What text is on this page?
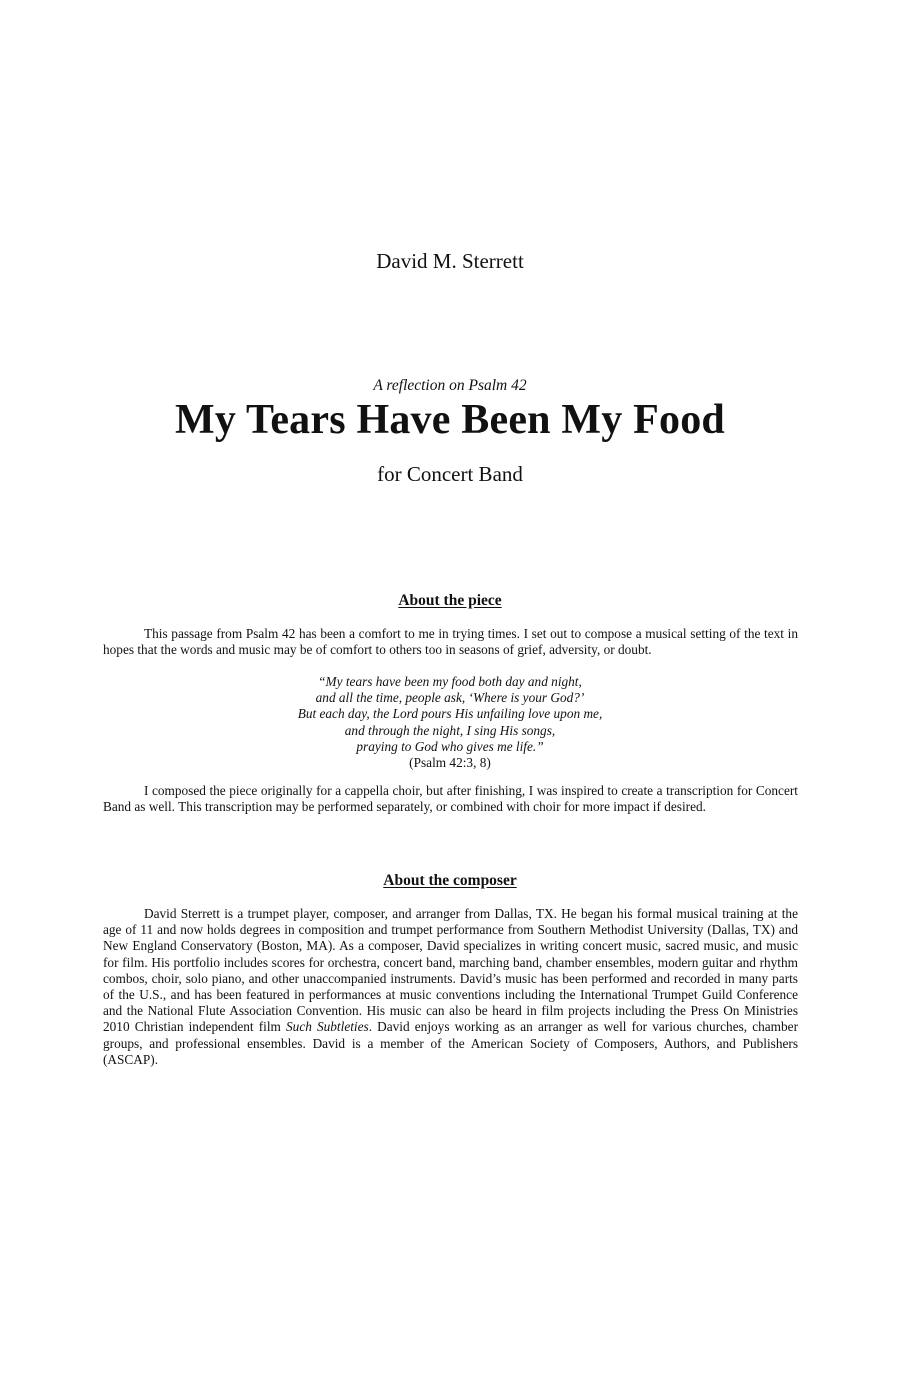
David M. Sterrett
A reflection on Psalm 42
My Tears Have Been My Food
for Concert Band
About the piece

This passage from Psalm 42 has been a comfort to me in trying times. I set out to compose a musical setting of the text in hopes that the words and music may be of comfort to others too in seasons of grief, adversity, or doubt.

“My tears have been my food both day and night,
and all the time, people ask, ‘Where is your God?’
But each day, the Lord pours His unfailing love upon me,
and through the night, I sing His songs,
praying to God who gives me life.”
(Psalm 42:3, 8)

I composed the piece originally for a cappella choir, but after finishing, I was inspired to create a transcription for Concert Band as well. This transcription may be performed separately, or combined with choir for more impact if desired.

About the composer

David Sterrett is a trumpet player, composer, and arranger from Dallas, TX. He began his formal musical training at the age of 11 and now holds degrees in composition and trumpet performance from Southern Methodist University (Dallas, TX) and New England Conservatory (Boston, MA). As a composer, David specializes in writing concert music, sacred music, and music for film. His portfolio includes scores for orchestra, concert band, marching band, chamber ensembles, modern guitar and rhythm combos, choir, solo piano, and other unaccompanied instruments. David’s music has been performed and recorded in many parts of the U.S., and has been featured in performances at music conventions including the International Trumpet Guild Conference and the National Flute Association Convention. His music can also be heard in film projects including the Press On Ministries 2010 Christian independent film Such Subtleties. David enjoys working as an arranger as well for various churches, chamber groups, and professional ensembles. David is a member of the American Society of Composers, Authors, and Publishers (ASCAP).
